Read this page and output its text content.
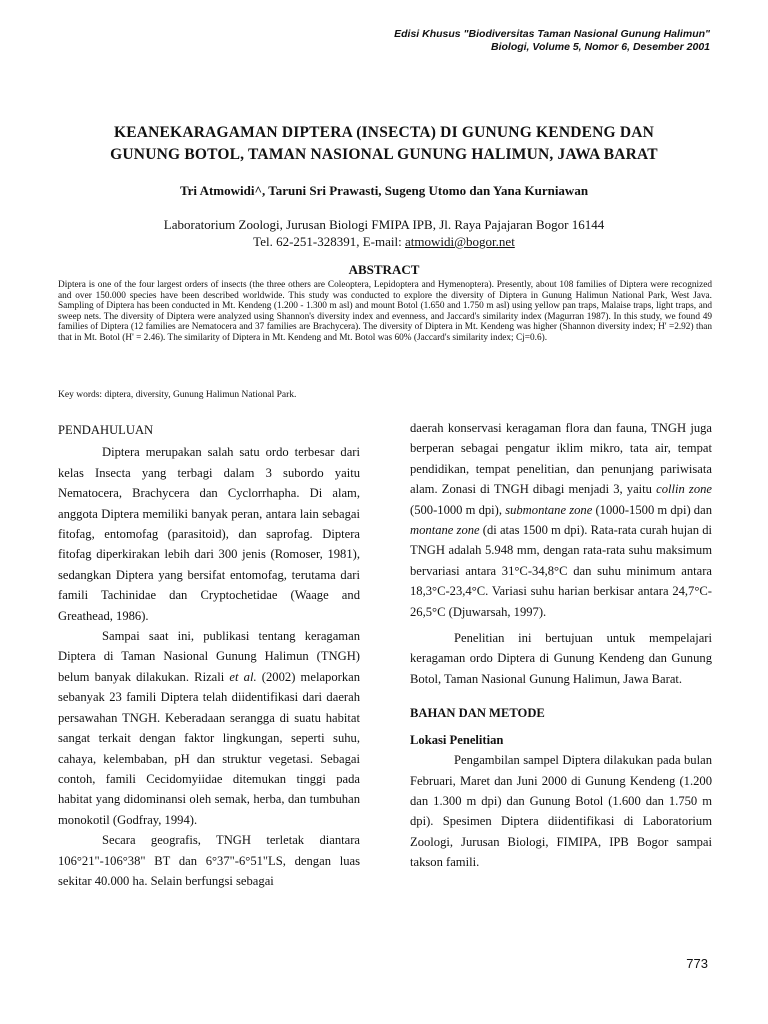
Edisi Khusus "Biodiversitas Taman Nasional Gunung Halimun"
Biologi, Volume 5, Nomor 6, Desember 2001
KEANEKARAGAMAN DIPTERA (INSECTA) DI GUNUNG KENDENG DAN
GUNUNG BOTOL, TAMAN NASIONAL GUNUNG HALIMUN, JAWA BARAT
Tri Atmowidi^, Taruni Sri Prawasti, Sugeng Utomo dan Yana Kurniawan
Laboratorium Zoologi, Jurusan Biologi FMIPA IPB, Jl. Raya Pajajaran Bogor 16144
Tel. 62-251-328391, E-mail: atmowidi@bogor.net
ABSTRACT
Diptera is one of the four largest orders of insects (the three others are Coleoptera, Lepidoptera and Hymenoptera). Presently, about 108 families of Diptera were recognized and over 150.000 species have been described worldwide. This study was conducted to explore the diversity of Diptera in Gunung Halimun National Park, West Java. Sampling of Diptera has been conducted in Mt. Kendeng (1.200 - 1.300 m asl) and mount Botol (1.650 and 1.750 m asl) using yellow pan traps, Malaise traps, light traps, and sweep nets. The diversity of Diptera were analyzed using Shannon's diversity index and evenness, and Jaccard's similarity index (Magurran 1987). In this study, we found 49 families of Diptera (12 families are Nematocera and 37 families are Brachycera). The diversity of Diptera in Mt. Kendeng was higher (Shannon diversity index; H' =2.92) than that in Mt. Botol (H' = 2.46). The similarity of Diptera in Mt. Kendeng and Mt. Botol was 60% (Jaccard's similarity index; Cj=0.6).
Key words: diptera, diversity, Gunung Halimun National Park.

PENDAHULUAN

Diptera merupakan salah satu ordo terbesar dari kelas Insecta yang terbagi dalam 3 subordo yaitu Nematocera, Brachycera dan Cyclorrhapha. Di alam, anggota Diptera memiliki banyak peran, antara lain sebagai fitofag, entomofag (parasitoid), dan saprofag. Diptera fitofag diperkirakan lebih dari 300 jenis (Romoser, 1981), sedangkan Diptera yang bersifat entomofag, terutama dari famili Tachinidae dan Cryptochetidae (Waage and Greathead, 1986).

Sampai saat ini, publikasi tentang keragaman Diptera di Taman Nasional Gunung Halimun (TNGH) belum banyak dilakukan. Rizali et al. (2002) melaporkan sebanyak 23 famili Diptera telah diidentifikasi dari daerah persawahan TNGH. Keberadaan serangga di suatu habitat sangat terkait dengan faktor lingkungan, seperti suhu, cahaya, kelembaban, pH dan struktur vegetasi. Sebagai contoh, famili Cecidomyiidae ditemukan tinggi pada habitat yang didominansi oleh semak, herba, dan tumbuhan monokotil (Godfray, 1994).

Secara geografis, TNGH terletak diantara 106°21"-106°38" BT dan 6°37"-6°51"LS, dengan luas sekitar 40.000 ha. Selain berfungsi sebagai

daerah konservasi keragaman flora dan fauna, TNGH juga berperan sebagai pengatur iklim mikro, tata air, tempat pendidikan, tempat penelitian, dan penunjang pariwisata alam. Zonasi di TNGH dibagi menjadi 3, yaitu collin zone (500-1000 m dpi), submontane zone (1000-1500 m dpi) dan montane zone (di atas 1500 m dpi). Rata-rata curah hujan di TNGH adalah 5.948 mm, dengan rata-rata suhu maksimum bervariasi antara 31°C-34,8°C dan suhu minimum antara 18,3°C-23,4°C. Variasi suhu harian berkisar antara 24,7°C-26,5°C (Djuwarsah, 1997).

Penelitian ini bertujuan untuk mempelajari keragaman ordo Diptera di Gunung Kendeng dan Gunung Botol, Taman Nasional Gunung Halimun, Jawa Barat.

BAHAN DAN METODE

Lokasi Penelitian

Pengambilan sampel Diptera dilakukan pada bulan Februari, Maret dan Juni 2000 di Gunung Kendeng (1.200 dan 1.300 m dpi) dan Gunung Botol (1.600 dan 1.750 m dpi). Spesimen Diptera diidentifikasi di Laboratorium Zoologi, Jurusan Biologi, FIMIPA, IPB Bogor sampai takson famili.

773
